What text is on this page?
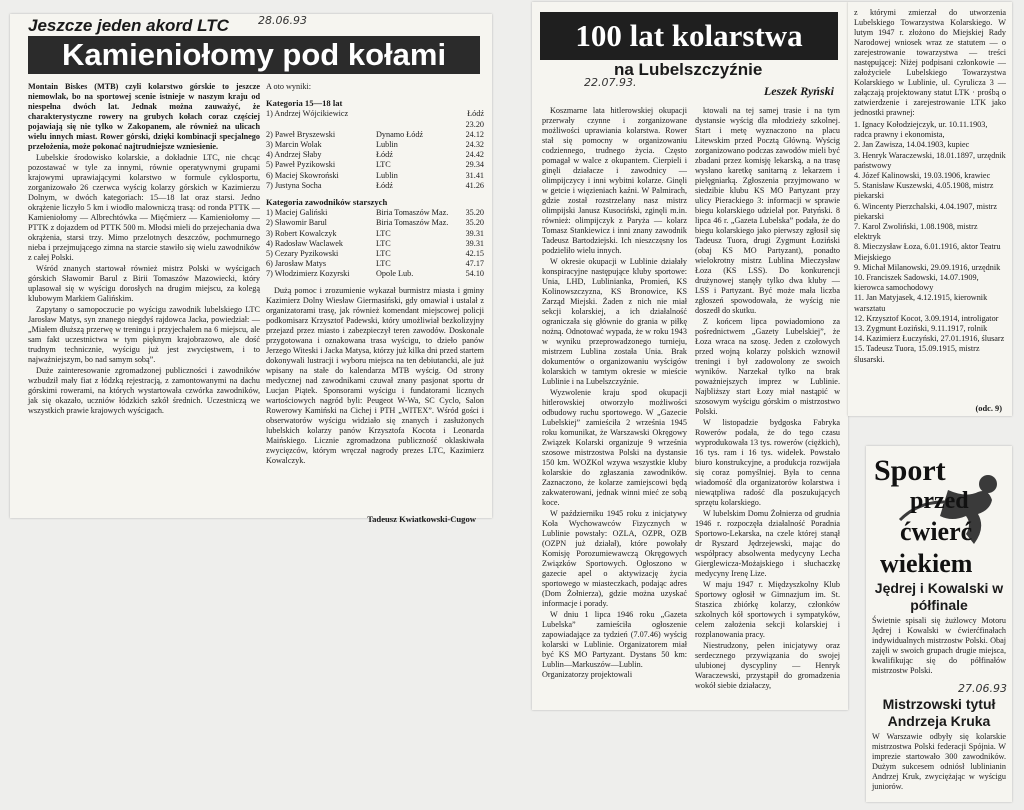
Jeszcze jeden akord LTC	28.06.93
Kamieniołomy pod kołami

Montain Biskes (MTB) czyli kolarstwo górskie to jeszcze niemowlak, bo na sportowej scenie istnieje w naszym kraju od niespełna dwóch lat. Jednak można zauważyć, że charakterystyczne rowery na grubych kołach coraz częściej pojawiają się nie tylko w Zakopanem, ale również na ulicach wielu innych miast. Rower górski, dzięki kombinacji specjalnego przełożenia, może pokonać najtrudniejsze wzniesienie.

Lubelskie środowisko kolarskie, a dokładnie LTC, nie chcąc pozostawać w tyle za innymi, równie operatywnymi grupami krajowymi uprawiającymi kolarstwo w formule cyklosportu, zorganizowało 26 czerwca wyścig kolarzy górskich w Kazimierzu Dolnym, w dwóch kategoriach: 15—18 lat oraz starsi. Jedno okrążenie liczyło 5 km i wiodło malowniczą trasą: od ronda PTTK — Kamieniołomy — Albrechtówka — Mięćmierz — Kamieniołomy — PTTK z dojazdem od PTTK 500 m. Młodsi mieli do przejechania dwa okrążenia, starsi trzy. Mimo przelotnych deszczów, pochmurnego nieba i przejmującego zimna na starcie stawiło się wielu zawodników z całej Polski.

Wśród znanych startował również mistrz Polski w wyścigach górskich Sławomir Barul z Birii Tomaszów Mazowiecki, który uplasował się w wyścigu dorosłych na drugim miejscu, za kolegą klubowym Markiem Galińskim.

Zapytany o samopoczucie po wyścigu zawodnik lubelskiego LTC Jarosław Matys, syn znanego niegdyś rajdowca Jacka, powiedział: — „Miałem dłuższą przerwę w treningu i przyjechałem na 6 miejscu, ale sam fakt uczestnictwa w tym pięknym krajobrazowo, ale dość trudnym technicznie, wyścigu już jest zwycięstwem, i to najważniejszym, bo nad samym sobą”.

Duże zainteresowanie zgromadzonej publiczności i zawodników wzbudził mały fiat z łódzką rejestracją, z zamontowanymi na dachu górskimi rowerami, na których wystartowała czwórka zawodników, jak się okazało, uczniów łódzkich szkół średnich. Uczestniczą we wszystkich prawie krajowych wyścigach.

A oto wyniki:
Kategoria 15—18 lat
1) Andrzej Wójcikiewicz	Łódź 23.20
2) Paweł Bryszewski	Dynamo Łódź	24.12
3) Marcin Wolak	Lublin	24.32
4) Andrzej Słaby	Łódź	24.42
5) Paweł Pyzikowski	LTC	29.34
6) Maciej Skowroński	Lublin	31.41
7) Justyna Socha	Łódź	41.26
Kategoria zawodników starszych
1) Maciej Galiński	Biria Tomaszów Maz.	35.20
2) Sławomir Barul	Biria Tomaszów Maz.	35.20
3) Robert Kowalczyk	LTC	39.31
4) Radosław Waclawek	LTC	39.31
5) Cezary Pyzikowski	LTC	42.15
6) Jarosław Matys	LTC	47.17
7) Włodzimierz Kozyrski	Opole Lub.	54.10

Dużą pomoc i zrozumienie wykazał burmistrz miasta i gminy Kazimierz Dolny Wiesław Giermasiński, gdy omawiał i ustalał z organizatorami trasę, jak również komendant miejscowej policji podkomisarz Krzysztof Padewski, który umożliwiał bezkolizyjny przejazd przez miasto i zabezpieczył teren zawodów. Doskonale przygotowana i oznakowana trasa wyścigu, to dzieło panów Jerzego Witeski i Jacka Matysa, którzy już kilka dni przed startem dokonywali lustracji i wyboru miejsca na ten debiutancki, ale już wpisany na stałe do kalendarza MTB wyścig. Od strony medycznej nad zawodnikami czuwał znany pasjonat sportu dr Lucjan Piątek. Sponsorami wyścigu i fundatorami licznych wartościowych nagród byli: Peugeot W-Wa, SC Cyclo, Salon Rowerowy Kamiński na Cichej i PTH „WITEX”. Wśród gości i obserwatorów wyścigu widziało się znanych i zasłużonych lubelskich kolarzy panów Krzysztofa Kocota i Leonarda Maińskiego. Licznie zgromadzona publiczność oklaskiwała zwycięzców, którym wręczał nagrody prezes LTC, Kazimierz Kowalczyk.

Tadeusz Kwiatkowski-Cugow
100 lat kolarstwa
na Lubelszczyźnie
22.07.93.
Leszek Ryński

Koszmarne lata hitlerowskiej okupacji przerwały czynne i zorganizowane możliwości uprawiania kolarstwa. Rower stał się pomocny w organizowaniu codziennego, trudnego życia. Często pomagał w walce z okupantem. Cierpieli i ginęli działacze i zawodnicy — olimpijczycy i inni wybitni kolarze. Ginęli w getcie i więzieniach kaźni. W Palmirach, gdzie został rozstrzelany nasz mistrz olimpijski Janusz Kusociński, zginęli m.in. również: olimpijczyk z Paryża — kolarz Tomasz Stankiewicz i inni znany zawodnik Tadeusz Bartodziejski. Ich nieszczęsny los podzieliło wielu innych.

W okresie okupacji w Lublinie działały konspiracyjne następujące kluby sportowe: Unia, LHD, Lublinianka, Promień, KS Kolinowszczyzna, KS Bronowice, KS Zarząd Miejski. Żaden z nich nie miał sekcji kolarskiej, a ich działalność ograniczała się głównie do grania w piłkę nożną. Odnotować wypada, że w roku 1943 w wyniku przeprowadzonego turnieju, mistrzem Lublina została Unia. Brak dokumentów o organizowaniu wyścigów kolarskich w tamtym okresie w mieście Lublinie i na Lubelszczyźnie.

Wyzwolenie kraju spod okupacji hitlerowskiej otworzyło możliwości odbudowy ruchu sportowego. W „Gazecie Lubelskiej” zamieściła 2 września 1945 roku komunikat, że Warszawski Okręgowy Związek Kolarski organizuje 9 września szosowe mistrzostwa Polski na dystansie 150 km. WOZKol wzywa wszystkie kluby kolarskie do zgłaszania zawodników. Zaznaczono, że kolarze zamiejscowi będą zakwaterowani, jednak winni mieć ze sobą koce.

W październiku 1945 roku z inicjatywy Koła Wychowawców Fizycznych w Lublinie powstały: OZLA, OZPR, OZB (OZPN już działał), które powołały Komisję Porozumiewawczą Okręgowych Związków Sportowych. Ogłoszono w gazecie apel o aktywizację życia sportowego w miasteczkach, podając adres (Dom Żołnierza), gdzie można uzyskać informacje i porady.

W dniu 1 lipca 1946 roku „Gazeta Lubelska” zamieściła ogłoszenie zapowiadające za tydzień (7.07.46) wyścig kolarski w Lublinie. Organizatorem miał być KS MO Partyzant. Dystans 50 km: Lublin—Markuszów—Lublin. Organizatorzy projektowali

ktowali na tej samej trasie i na tym dystansie wyścig dla młodzieży szkolnej. Start i metę wyznaczono na placu Litewskim przed Pocztą Główną. Wyścig zorganizowano podczas zawodów mieli być zbadani przez komisję lekarską, a na trasę wysłano karetkę sanitarną z lekarzem i pielęgniarką. Zgłoszenia przyjmowano w siedzibie klubu KS MO Partyzant przy ulicy Pierackiego 3: informacji w sprawie biegu kolarskiego udzielał por. Patyński. 8 lipca 46 r. „Gazeta Lubelska” podała, że do biegu kolarskiego jako pierwszy zgłosił się Tadeusz Tuora, drugi Zygmunt Łoziński (obaj KS MO Partyzant), ponadto wielokrotny mistrz Lublina Mieczysław Łoza (KS LSS). Do konkurencji drużynowej stanęły tylko dwa kluby — LSS i Partyzant. Być może mała liczba zgłoszeń spowodowała, że wyścig nie doszedł do skutku.

Z końcem lipca powiadomiono za pośrednictwem „Gazety Lubelskiej”, że Łoza wraca na szosę. Jeden z czołowych przed wojną kolarzy polskich wznowił treningi i był zadowolony ze swoich wyników. Narzekał tylko na brak poważniejszych imprez w Lublinie. Najbliższy start Łozy miał nastąpić w szosowym wyścigu górskim o mistrzostwo Polski.

W listopadzie bydgoska Fabryka Rowerów podała, że do tego czasu wyprodukowała 13 tys. rowerów (ciężkich), 16 tys. ram i 16 tys. widełek. Powstało biuro konstrukcyjne, a produkcja rozwijała się coraz pomyślniej. Była to cenna wiadomość dla organizatorów kolarstwa i niewątpliwa radość dla poszukujących sprzętu kolarskiego.

W lubelskim Domu Żołnierza od grudnia 1946 r. rozpoczęła działalność Poradnia Sportowo-Lekarska, na czele której stanął dr Ryszard Jędrzejewski, mając do współpracy absolwenta medycyny Lecha Gierglewicza-Możajskiego i słuchaczkę medycyny Irenę Lize.

W maju 1947 r. Międzyszkolny Klub Sportowy ogłosił w Gimnazjum im. St. Staszica zbiórkę kolarzy, członków szkolnych kół sportowych i sympatyków, celem założenia sekcji kolarskiej i rozplanowania pracy.

Niestrudzony, pełen inicjatywy oraz serdecznego przywiązania do swojej ulubionej dyscypliny — Henryk Waraczewski, przystąpił do gromadzenia wokół siebie działaczy,

z którymi zmierzał do utworzenia Lubelskiego Towarzystwa Kolarskiego. W lutym 1947 r. złożono do Miejskiej Rady Narodowej wniosek wraz ze statutem — o zarejestrowanie towarzystwa — treści następującej: Niżej podpisani członkowie — założyciele Lubelskiego Towarzystwa Kolarskiego w Lublinie, ul. Cyrulicza 3 — załączają projektowany statut LTK · prośbą o zatwierdzenie i zarejestrowanie LTK jako jednostki prawnej:

1. Ignacy Kołodziejczyk, ur. 10.11.1903, radca prawny i ekonomista,
2. Jan Zawisza, 14.04.1903, kupiec
3. Henryk Waraczewski, 18.01.1897, urzędnik państwowy
4. Józef Kalinowski, 19.03.1906, krawiec
5. Stanisław Kuszewski, 4.05.1908, mistrz piekarski
6. Wincenty Pierzchalski, 4.04.1907, mistrz piekarski
7. Karol Zwoliński, 1.08.1908, mistrz elektryk
8. Mieczysław Łoza, 6.01.1916, aktor Teatru Miejskiego
9. Michał Milanowski, 29.09.1916, urzędnik
10. Franciszek Sadowski, 14.07.1909, kierowca samochodowy
11. Jan Matyjasek, 4.12.1915, kierownik warsztatu
12. Krzysztof Kocot, 3.09.1914, introligator
13. Zygmunt Łoziński, 9.11.1917, rolnik
14. Kazimierz Łuczyński, 27.01.1916, ślusarz
15. Tadeusz Tuora, 15.09.1915, mistrz ślusarski.
(odc. 9)
Sport
przed
ćwierć
wiekiem
Jędrej i Kowalski w półfinale

Świetnie spisali się żużlowcy Motoru Jędrej i Kowalski w ćwierćfinałach indywidualnych mistrzostw Polski. Obaj zajęli w swoich grupach drugie miejsca, kwalifikując się do półfinałów mistrzostw Polski.

27.06.93
Mistrzowski tytuł Andrzeja Kruka

W Warszawie odbyły się kolarskie mistrzostwa Polski federacji Spójnia. W imprezie startowało 300 zawodników. Dużym sukcesem odniósł lublinianin Andrzej Kruk, zwyciężając w wyścigu juniorów.
